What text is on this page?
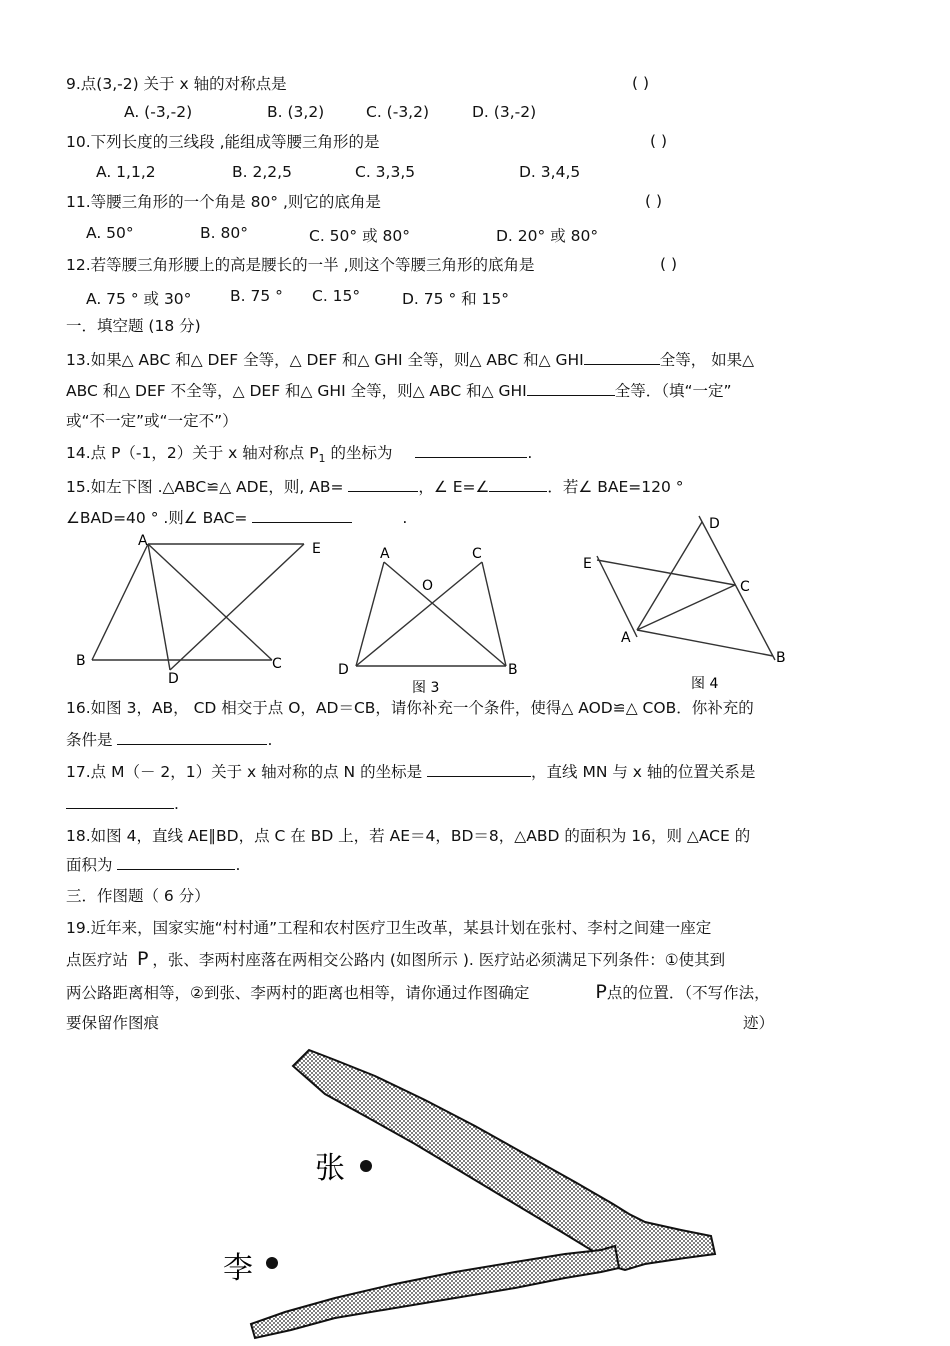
9.点(3,-2) 关于 x 轴的对称点是	( )
A. (-3,-2)	B. (3,2)	C. (-3,2)	D. (3,-2)
10.下列长度的三线段 ,能组成等腰三角形的是	( )
A. 1,1,2	B. 2,2,5	C. 3,3,5	D. 3,4,5
11.等腰三角形的一个角是 80° ,则它的底角是	( )
A. 50°	B. 80°	C. 50° 或 80°	D. 20° 或 80°
12.若等腰三角形腰上的高是腰长的一半 ,则这个等腰三角形的底角是	( )
A. 75 ° 或 30° B. 75 ° C. 15°	D. 75 ° 和 15°
一．填空题 (18 分)
13.如果△ ABC 和△ DEF 全等，△ DEF 和△ GHI 全等，则△ ABC 和△ GHI	全等， 如果△
ABC 和△ DEF 不全等，△ DEF 和△ GHI 全等，则△ ABC 和△ GHI	全等．（填“一定”
或“不一定”或“一定不”）
14.点 P（-1，2）关于 x 轴对称点 $P_1$ 的坐标为	.
15.如左下图 .△ABC≌△ ADE，则, AB=	，∠ E=∠	．若∠ BAE=120 °
∠BAD=40 ° .则∠ BAC=	.
A	E
B
D
C
A	C
O
D	B
图 3
D
E
C
A
B
图 4
16.如图 3，AB， CD 相交于点 O，AD＝CB，请你补充一个条件，使得△ AOD≌△ COB．你补充的
条件是	.
17.点 M（－ 2，1）关于 x 轴对称的点 N 的坐标是	，直线 MN 与 x 轴的位置关系是
.
18.如图 4，直线 AE∥BD，点 C 在 BD 上，若 AE＝4，BD＝8，△ABD 的面积为 16，则 △ACE 的
面积为	.
三．作图题（ 6 分）
19.近年来，国家实施“村村通”工程和农村医疗卫生改革，某县计划在张村、李村之间建一座定
点医疗站 P ，张、李两村座落在两相交公路内 (如图所示 ). 医疗站必须满足下列条件：①使其到
两公路距离相等，②到张、李两村的距离也相等，请你通过作图确定	P点的位置．（不写作法，
要保留作图痕	迹）
张
李
